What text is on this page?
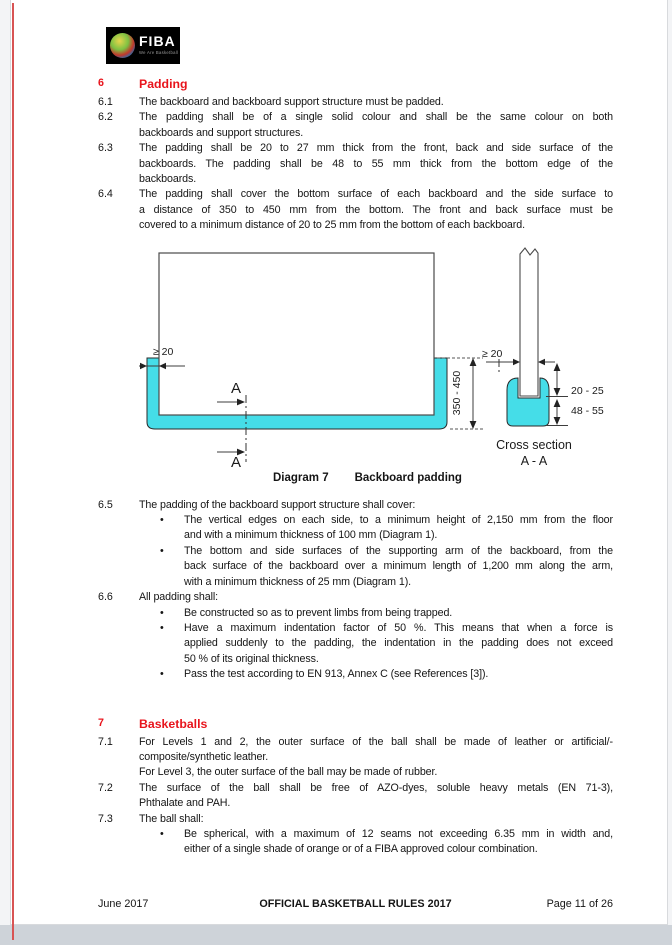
FIBA
We Are Basketball
6	Padding
6.1	The backboard and backboard support structure must be padded.
6.2	The padding shall be of a single solid colour and shall be the same colour on both
backboards and support structures.
6.3	The padding shall be 20 to 27 mm thick from the front, back and side surface of the
backboards. The padding shall be 48 to 55 mm thick from the bottom edge of the
backboards.
6.4	The padding shall cover the bottom surface of each backboard and the side surface to
a distance of 350 to 450 mm from the bottom. The front and back surface must be
covered to a minimum distance of 20 to 25 mm from the bottom of each backboard.
≥ 20
A
A
350 - 450
≥ 20
20 - 25
48 - 55
Cross section
A - A
Diagram 7 Backboard padding
6.5	The padding of the backboard support structure shall cover:
• The vertical edges on each side, to a minimum height of 2,150 mm from the floor
and with a minimum thickness of 100 mm (Diagram 1).
• The bottom and side surfaces of the supporting arm of the backboard, from the
back surface of the backboard over a minimum length of 1,200 mm along the arm,
with a minimum thickness of 25 mm (Diagram 1).
6.6	All padding shall:
• Be constructed so as to prevent limbs from being trapped.
• Have a maximum indentation factor of 50 %. This means that when a force is
applied suddenly to the padding, the indentation in the padding does not exceed
50 % of its original thickness.
• Pass the test according to EN 913, Annex C (see References [3]).
7	Basketballs
7.1	For Levels 1 and 2, the outer surface of the ball shall be made of leather or artificial/-
composite/synthetic leather.
For Level 3, the outer surface of the ball may be made of rubber.
7.2	The surface of the ball shall be free of AZO-dyes, soluble heavy metals (EN 71-3),
Phthalate and PAH.
7.3	The ball shall:
• Be spherical, with a maximum of 12 seams not exceeding 6.35 mm in width and,
either of a single shade of orange or of a FIBA approved colour combination.
June 2017	OFFICIAL BASKETBALL RULES 2017	Page 11 of 26
